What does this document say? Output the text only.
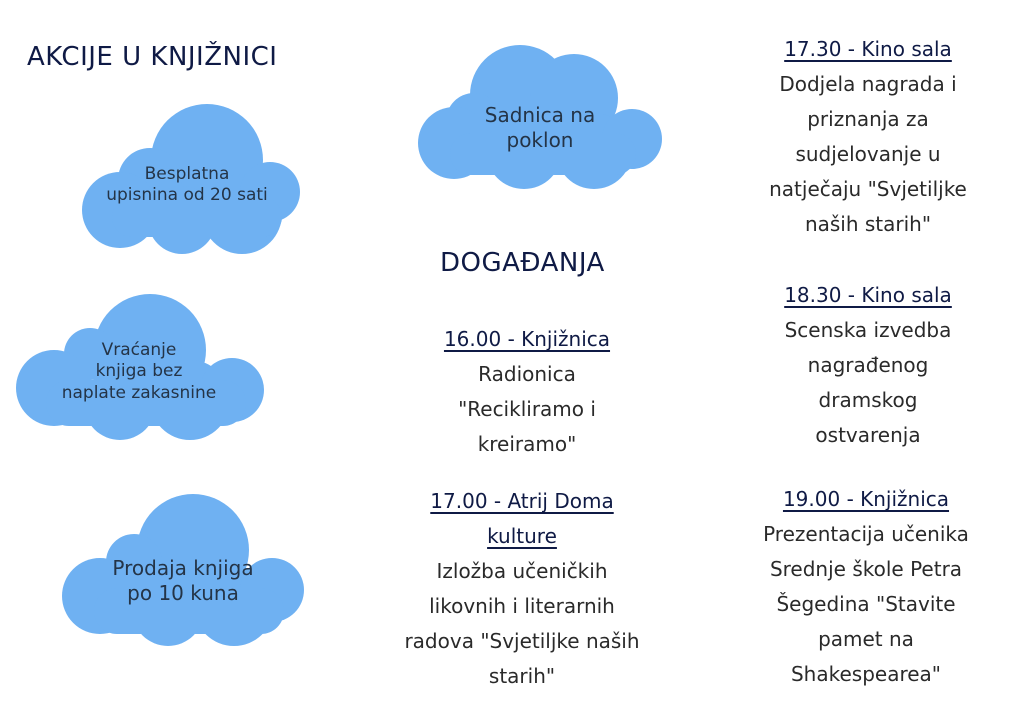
AKCIJE U KNJIŽNICI
DOGAĐANJA
Besplatna
upisnina od 20 sati
Sadnica na
poklon
Vraćanje
knjiga bez
naplate zakasnine
Prodaja knjiga
po 10 kuna
16.00 - Knjižnica
Radionica
"Recikliramo i
kreiramo"
17.00 - Atrij Doma
kulture
Izložba učeničkih
likovnih i literarnih
radova "Svjetiljke naših
starih"
17.30 - Kino sala
Dodjela nagrada i
priznanja za
sudjelovanje u
natječaju "Svjetiljke
naših starih"
18.30 - Kino sala
Scenska izvedba
nagrađenog
dramskog
ostvarenja
19.00 - Knjižnica
Prezentacija učenika
Srednje škole Petra
Šegedina "Stavite
pamet na
Shakespearea"
